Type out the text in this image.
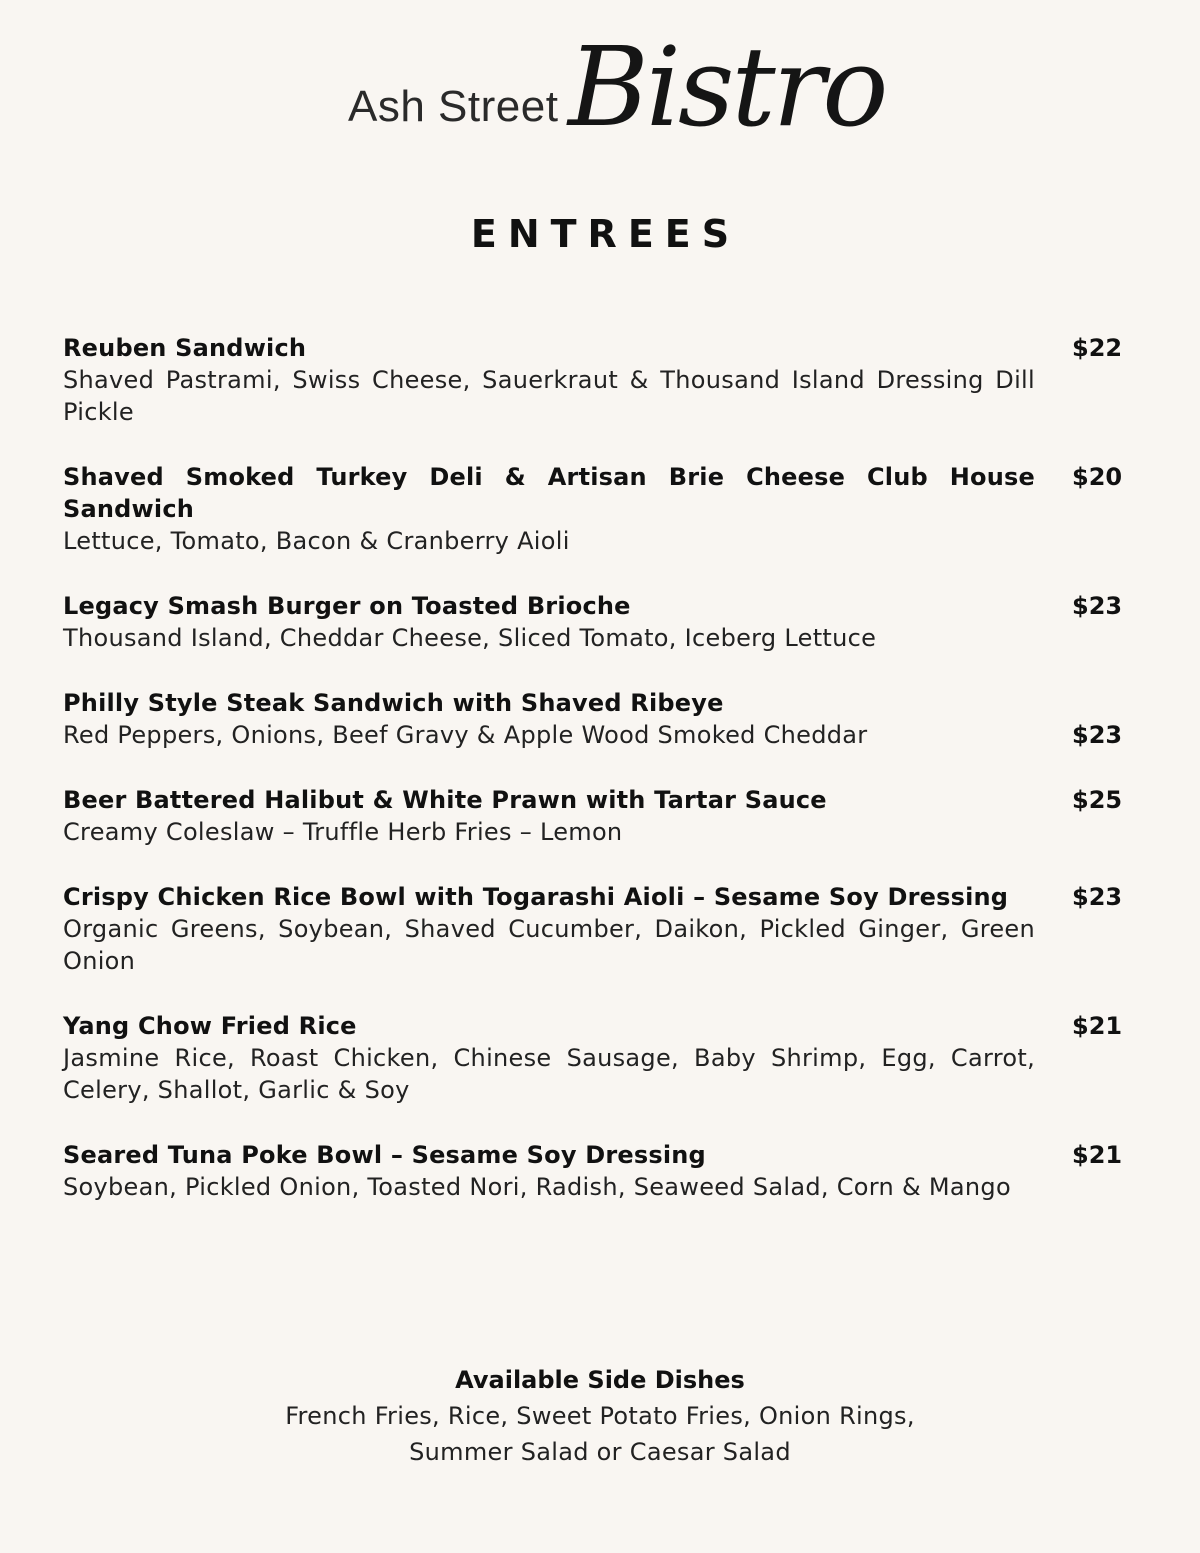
Ash Street Bistro
ENTREES
Reuben Sandwich
Shaved Pastrami, Swiss Cheese, Sauerkraut & Thousand Island Dressing Dill Pickle
$22
Shaved Smoked Turkey Deli & Artisan Brie Cheese Club House Sandwich
Lettuce, Tomato, Bacon & Cranberry Aioli
$20
Legacy Smash Burger on Toasted Brioche
Thousand Island, Cheddar Cheese, Sliced Tomato, Iceberg Lettuce
$23
Philly Style Steak Sandwich with Shaved Ribeye
Red Peppers, Onions, Beef Gravy & Apple Wood Smoked Cheddar	$23
Beer Battered Halibut & White Prawn with Tartar Sauce
Creamy Coleslaw – Truffle Herb Fries – Lemon
$25
Crispy Chicken Rice Bowl with Togarashi Aioli – Sesame Soy Dressing
Organic Greens, Soybean, Shaved Cucumber, Daikon, Pickled Ginger, Green Onion
$23
Yang Chow Fried Rice
Jasmine Rice, Roast Chicken, Chinese Sausage, Baby Shrimp, Egg, Carrot, Celery, Shallot, Garlic & Soy
$21
Seared Tuna Poke Bowl – Sesame Soy Dressing
Soybean, Pickled Onion, Toasted Nori, Radish, Seaweed Salad, Corn & Mango
$21
Available Side Dishes
French Fries, Rice, Sweet Potato Fries, Onion Rings,
Summer Salad or Caesar Salad
